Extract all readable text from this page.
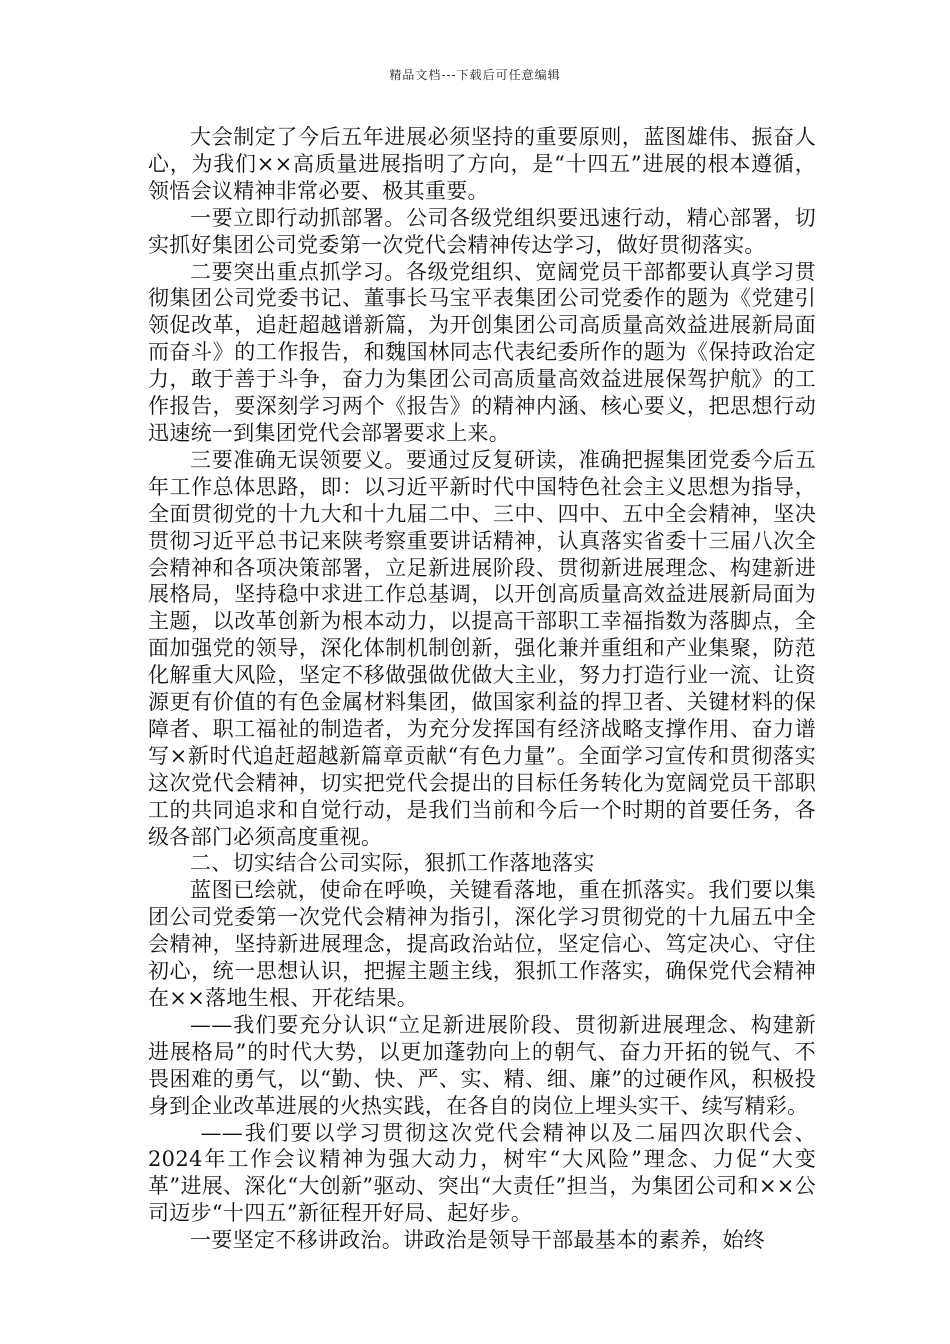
精品文档---下载后可任意编辑

大会制定了今后五年进展必须坚持的重要原则，蓝图雄伟、振奋人心，为我们××高质量进展指明了方向，是“十四五”进展的根本遵循，领悟会议精神非常必要、极其重要。

一要立即行动抓部署。公司各级党组织要迅速行动，精心部署，切实抓好集团公司党委第一次党代会精神传达学习，做好贯彻落实。

二要突出重点抓学习。各级党组织、宽阔党员干部都要认真学习贯彻集团公司党委书记、董事长马宝平表集团公司党委作的题为《党建引领促改革，追赶超越谱新篇，为开创集团公司高质量高效益进展新局面而奋斗》的工作报告，和魏国林同志代表纪委所作的题为《保持政治定力，敢于善于斗争，奋力为集团公司高质量高效益进展保驾护航》的工作报告，要深刻学习两个《报告》的精神内涵、核心要义，把思想行动迅速统一到集团党代会部署要求上来。

三要准确无误领要义。要通过反复研读，准确把握集团党委今后五年工作总体思路，即：以习近平新时代中国特色社会主义思想为指导，全面贯彻党的十九大和十九届二中、三中、四中、五中全会精神，坚决贯彻习近平总书记来陕考察重要讲话精神，认真落实省委十三届八次全会精神和各项决策部署，立足新进展阶段、贯彻新进展理念、构建新进展格局，坚持稳中求进工作总基调，以开创高质量高效益进展新局面为主题，以改革创新为根本动力，以提高干部职工幸福指数为落脚点，全面加强党的领导，深化体制机制创新，强化兼并重组和产业集聚，防范化解重大风险，坚定不移做强做优做大主业，努力打造行业一流、让资源更有价值的有色金属材料集团，做国家利益的捍卫者、关键材料的保障者、职工福祉的制造者，为充分发挥国有经济战略支撑作用、奋力谱写×新时代追赶超越新篇章贡献“有色力量”。全面学习宣传和贯彻落实这次党代会精神，切实把党代会提出的目标任务转化为宽阔党员干部职工的共同追求和自觉行动，是我们当前和今后一个时期的首要任务，各级各部门必须高度重视。

二、切实结合公司实际，狠抓工作落地落实

蓝图已绘就，使命在呼唤，关键看落地，重在抓落实。我们要以集团公司党委第一次党代会精神为指引，深化学习贯彻党的十九届五中全会精神，坚持新进展理念，提高政治站位，坚定信心、笃定决心、守住初心，统一思想认识，把握主题主线，狠抓工作落实，确保党代会精神在××落地生根、开花结果。

——我们要充分认识“立足新进展阶段、贯彻新进展理念、构建新进展格局”的时代大势，以更加蓬勃向上的朝气、奋力开拓的锐气、不畏困难的勇气，以“勤、快、严、实、精、细、廉”的过硬作风，积极投身到企业改革进展的火热实践，在各自的岗位上埋头实干、续写精彩。

——我们要以学习贯彻这次党代会精神以及二届四次职代会、2024年工作会议精神为强大动力，树牢“大风险”理念、力促“大变革”进展、深化“大创新”驱动、突出“大责任”担当，为集团公司和××公司迈步“十四五”新征程开好局、起好步。

一要坚定不移讲政治。讲政治是领导干部最基本的素养，始终
